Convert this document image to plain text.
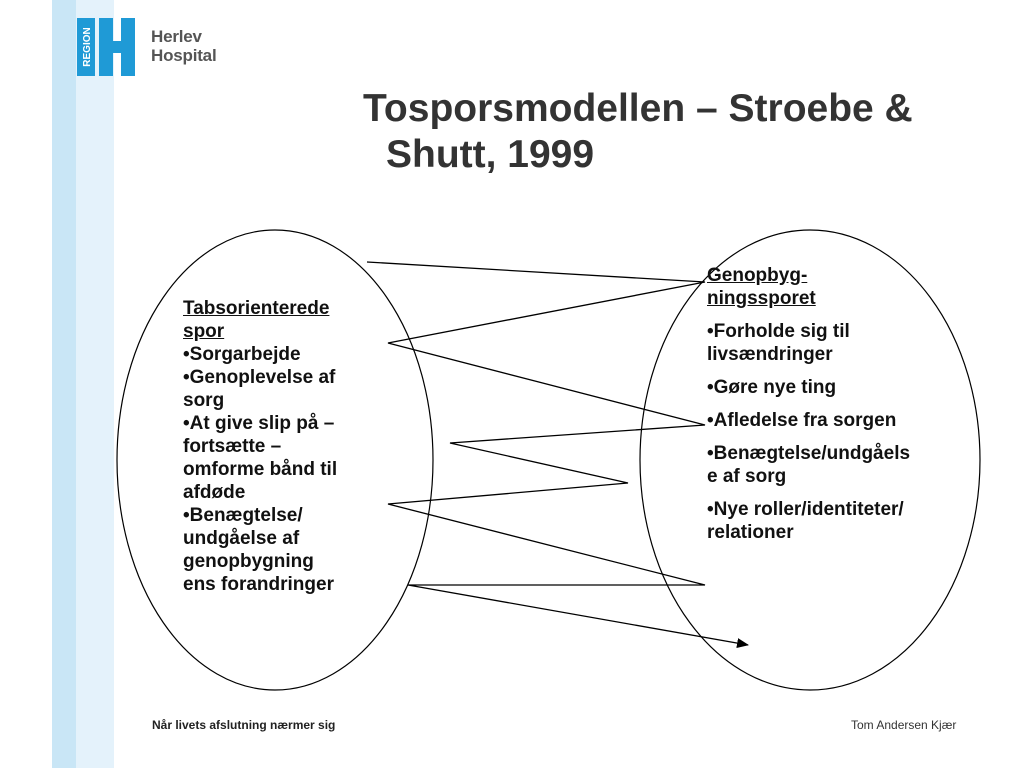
REGION	Herlev
Hospital
Tosporsmodellen – Stroebe &
Shutt, 1999
Tabsorienterede
spor
• Sorgarbejde
• Genoplevelse af
sorg
• At give slip på –
fortsætte –
omforme bånd til
afdøde
• Benægtelse/
undgåelse af
genopbygning
ens forandringer
Genopbyg-
ningssporet
• Forholde sig til
livsændringer
• Gøre nye ting
• Afledelse fra sorgen
• Benægtelse/undgåels
e af sorg
• Nye roller/identiteter/
relationer
Når livets afslutning nærmer sig	Tom Andersen Kjær
